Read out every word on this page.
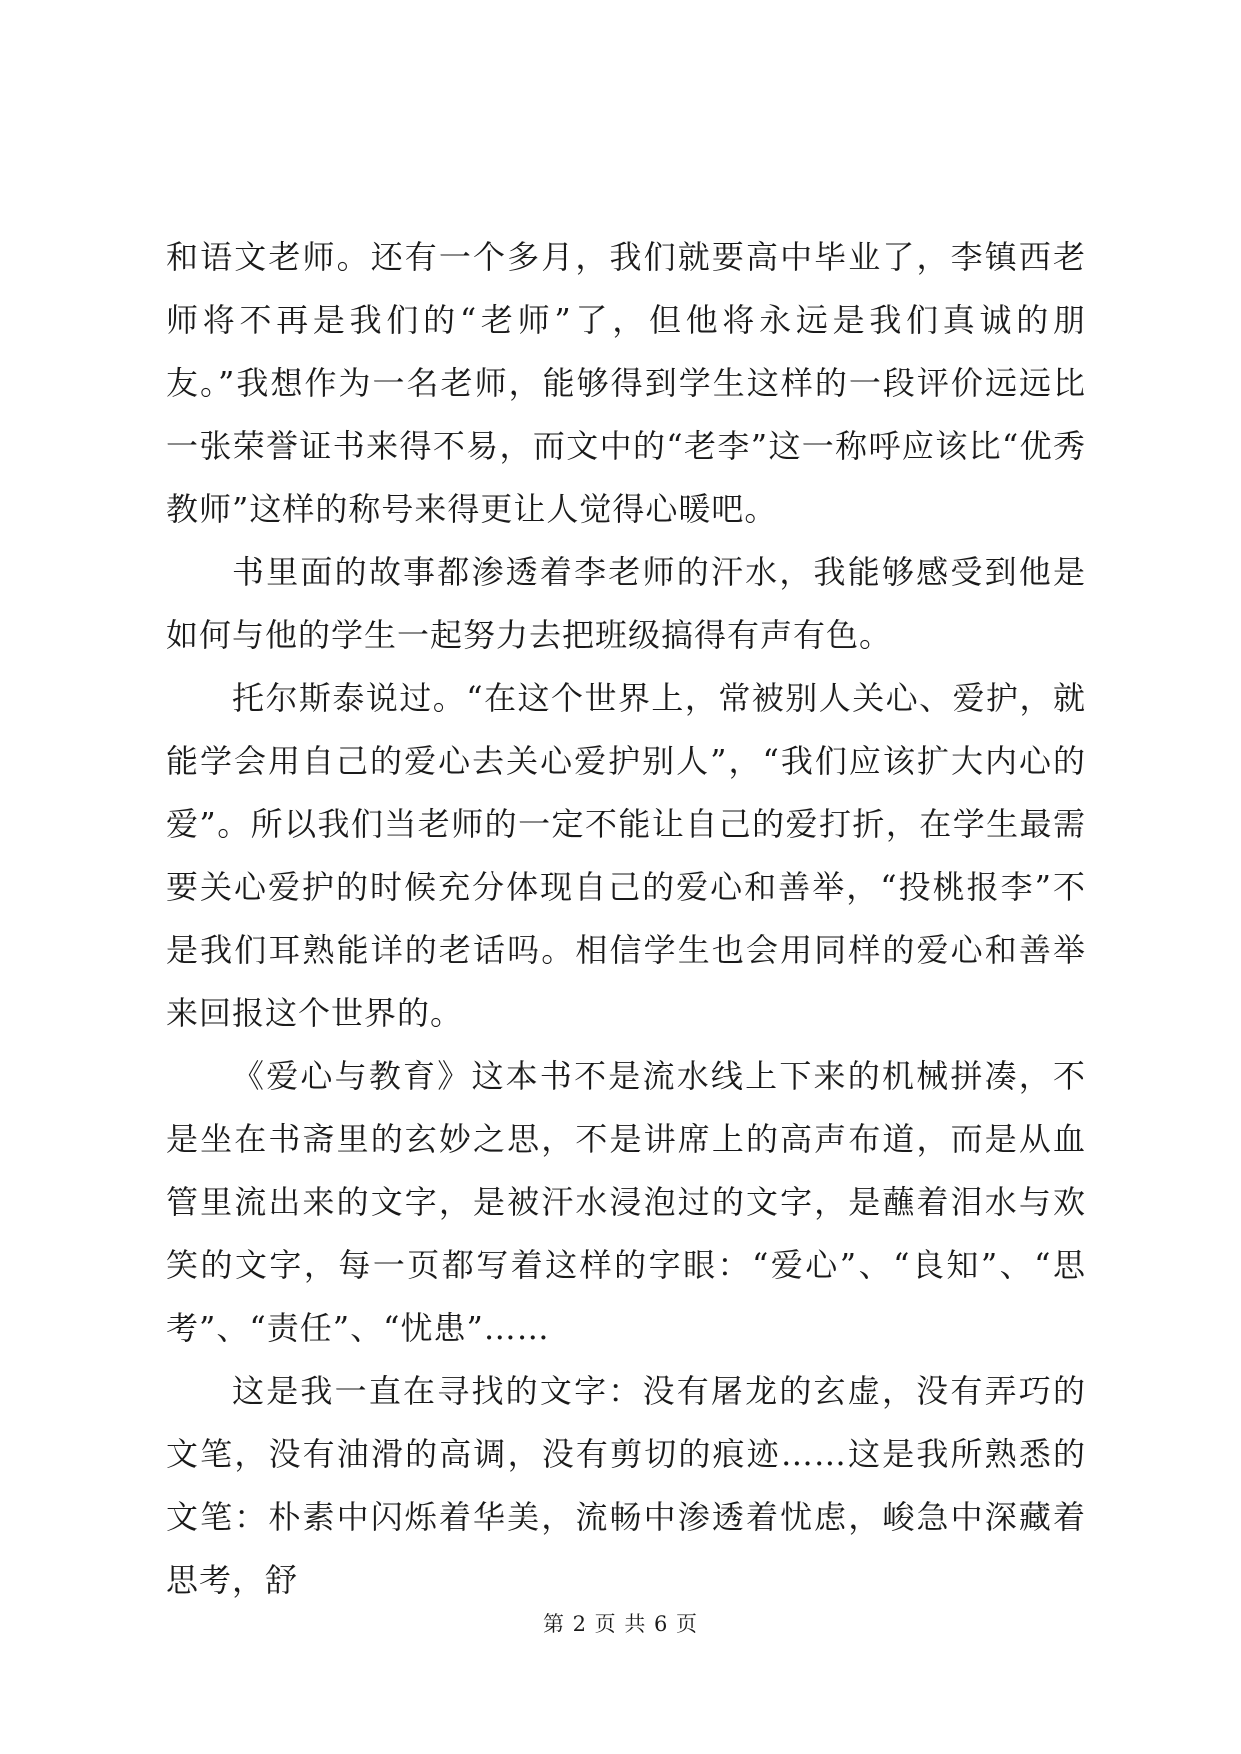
和语文老师。还有一个多月，我们就要高中毕业了，李镇西老师将不再是我们的“老师”了，但他将永远是我们真诚的朋友。”我想作为一名老师，能够得到学生这样的一段评价远远比一张荣誉证书来得不易，而文中的“老李”这一称呼应该比“优秀教师”这样的称号来得更让人觉得心暖吧。

书里面的故事都渗透着李老师的汗水，我能够感受到他是如何与他的学生一起努力去把班级搞得有声有色。

托尔斯泰说过。“在这个世界上，常被别人关心、爱护，就能学会用自己的爱心去关心爱护别人”，“我们应该扩大内心的爱”。所以我们当老师的一定不能让自己的爱打折，在学生最需要关心爱护的时候充分体现自己的爱心和善举，“投桃报李”不是我们耳熟能详的老话吗。相信学生也会用同样的爱心和善举来回报这个世界的。

《爱心与教育》这本书不是流水线上下来的机械拼凑，不是坐在书斋里的玄妙之思，不是讲席上的高声布道，而是从血管里流出来的文字，是被汗水浸泡过的文字，是蘸着泪水与欢笑的文字，每一页都写着这样的字眼：“爱心”、“良知”、“思考”、“责任”、“忧患”……

这是我一直在寻找的文字：没有屠龙的玄虚，没有弄巧的文笔，没有油滑的高调，没有剪切的痕迹……这是我所熟悉的文笔：朴素中闪烁着华美，流畅中渗透着忧虑，峻急中深藏着思考，舒

第 2 页 共 6 页
